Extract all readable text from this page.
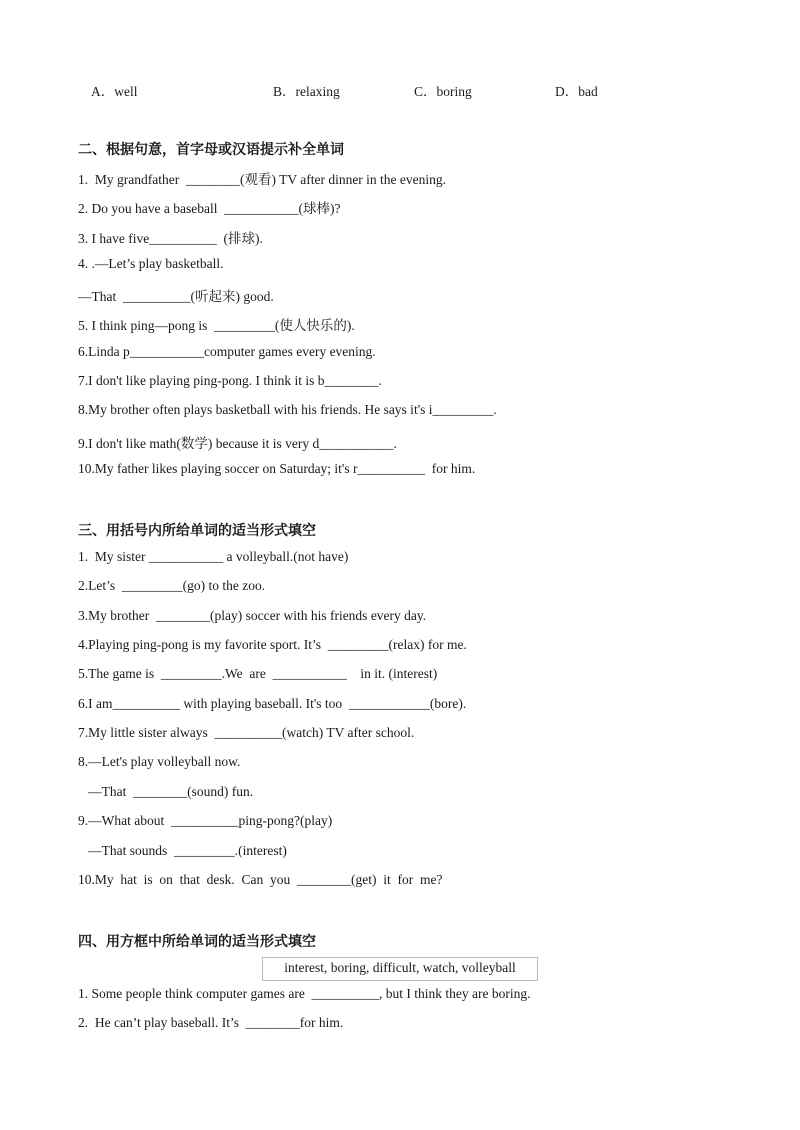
A．well	B．relaxing	C．boring	D．bad
二、根据句意，首字母或汉语提示补全单词
1.  My grandfather  ________(观看) TV after dinner in the evening.
2. Do you have a baseball  ___________(球棒)?
3. I have five__________  (排球).
4. .—Let’s play basketball.
—That  __________(听起来) good.
5. I think ping—pong is  _________(使人快乐的).
6.Linda p___________computer games every evening.
7.I don't like playing ping-pong. I think it is b________.
8.My brother often plays basketball with his friends. He says it's i_________.
9.I don't like math(数学) because it is very d___________.
10.My father likes playing soccer on Saturday; it's r__________  for him.
三、用括号内所给单词的适当形式填空
1.  My sister ___________ a volleyball.(not have)
2.Let’s  _________(go) to the zoo.
3.My brother  ________(play) soccer with his friends every day.
4.Playing ping-pong is my favorite sport. It’s  _________(relax) for me.
5.The game is  _________.We  are  ___________    in it. (interest)
6.I am__________ with playing baseball. It's too  ____________(bore).
7.My little sister always  __________(watch) TV after school.
8.—Let's play volleyball now.
—That  ________(sound) fun.
9.—What about  __________ping-pong?(play)
—That sounds  _________.(interest)
10.My  hat  is  on  that  desk.  Can  you  ________(get)  it  for  me?
四、用方框中所给单词的适当形式填空
interest, boring, difficult, watch, volleyball
1. Some people think computer games are  __________, but I think they are boring.
2.  He can’t play baseball. It’s  ________for him.
